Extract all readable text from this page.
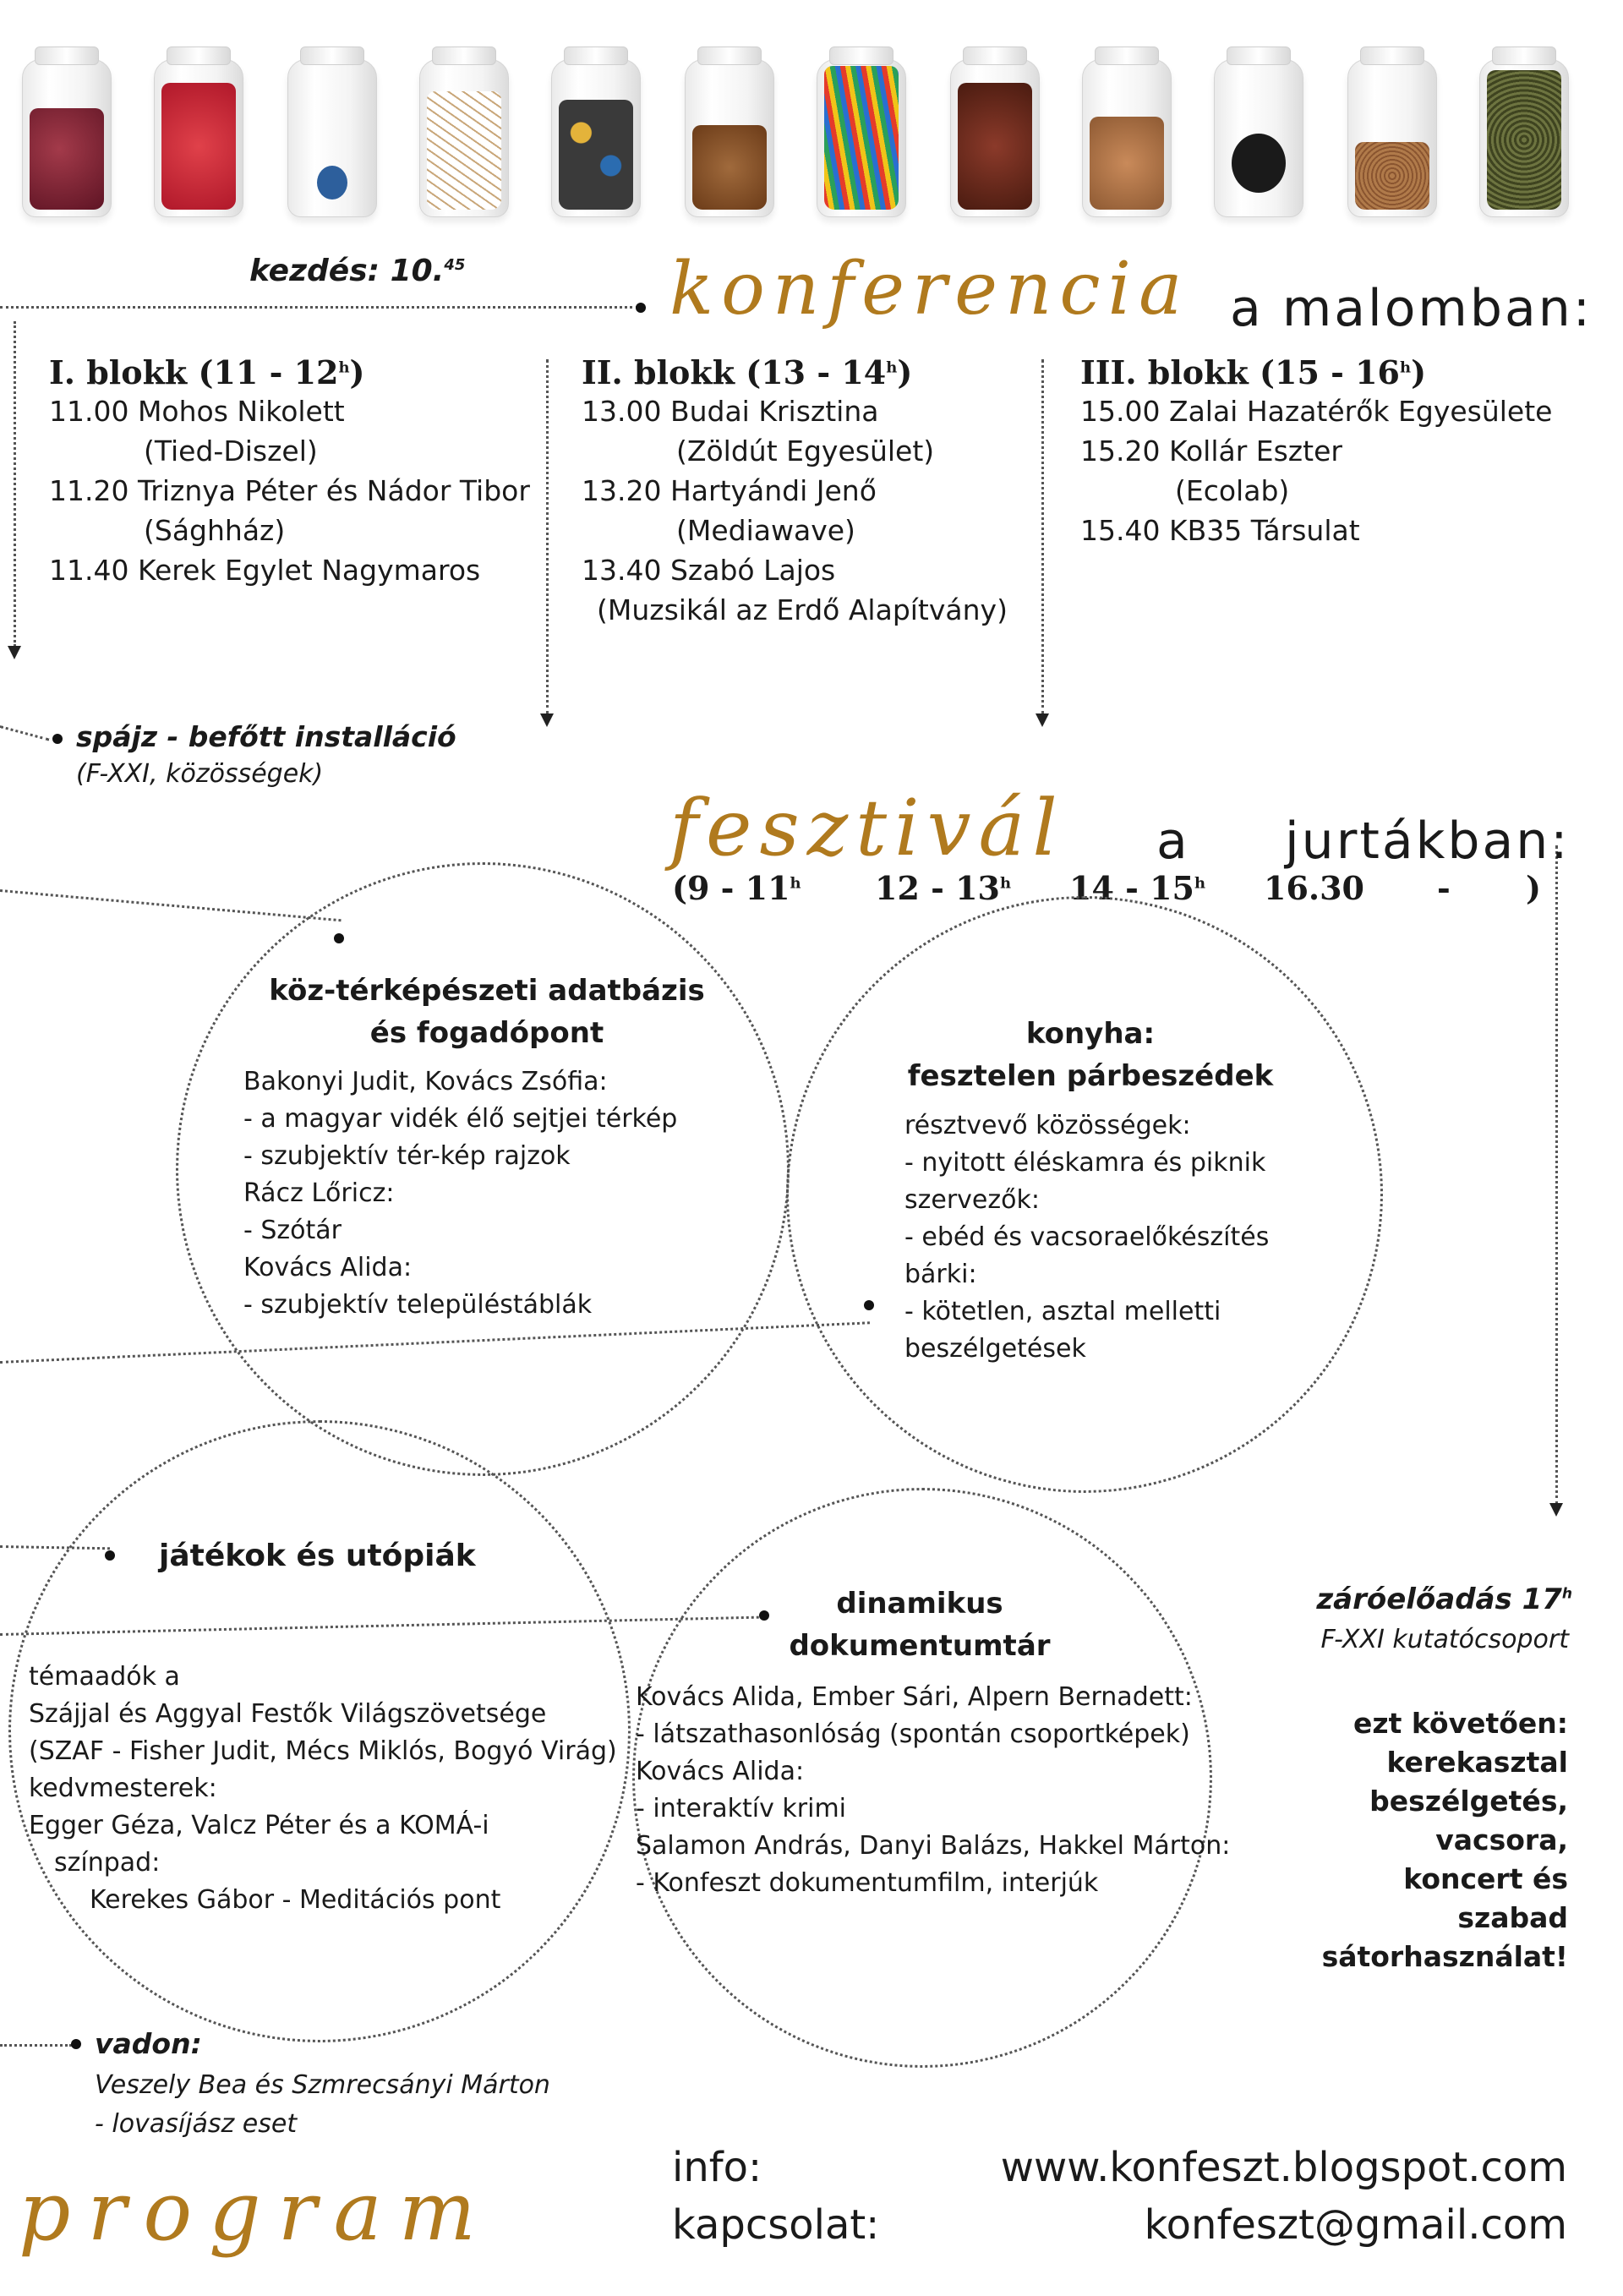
kezdés: 10.45	konferencia a malomban:
I. blokk (11 - 12$^h$)
11.00 Mohos Nikolett
(Tied-Diszel)
11.20 Triznya Péter és Nádor Tibor
(Sághház)
11.40 Kerek Egylet Nagymaros
II. blokk (13 - 14$^h$)
13.00 Budai Krisztina
(Zöldút Egyesület)
13.20 Hartyándi Jenő
(Mediawave)
13.40 Szabó Lajos
(Muzsikál az Erdő Alapítvány)
III. blokk (15 - 16$^h$)
15.00 Zalai Hazatérők Egyesülete
15.20 Kollár Eszter
(Ecolab)
15.40 KB35 Társulat
spájz - befőtt installáció
(F-XXI, közösségek)
fesztivál a jurtákban:
(9 - 11$^h$ 12 - 13$^h$ 14 - 15$^h$ 16.30 - )
köz-térképészeti adatbázis
és fogadópont
Bakonyi Judit, Kovács Zsófia:
- a magyar vidék élő sejtjei térkép
- szubjektív tér-kép rajzok
Rácz Lőricz:
- Szótár
Kovács Alida:
- szubjektív településtáblák
konyha:
fesztelen párbeszédek
résztvevő közösségek:
- nyitott éléskamra és piknik
szervezők:
- ebéd és vacsoraelőkészítés
bárki:
- kötetlen, asztal melletti
beszélgetések
játékok és utópiák
témaadók a
Szájjal és Aggyal Festők Világszövetsége
(SZAF - Fisher Judit, Mécs Miklós, Bogyó Virág)
kedvmesterek:
Egger Géza, Valcz Péter és a KOMÁ-i
színpad:
Kerekes Gábor - Meditációs pont
dinamikus
dokumentumtár
Kovács Alida, Ember Sári, Alpern Bernadett:
- látszathasonlóság (spontán csoportképek)
Kovács Alida:
- interaktív krimi
Salamon András, Danyi Balázs, Hakkel Márton:
- Konfeszt dokumentumfilm, interjúk
záróelőadás 17$^h$
F-XXI kutatócsoport
ezt követően:
kerekasztal
beszélgetés,
vacsora,
koncert és
szabad
sátorhasználat!
vadon:
Veszely Bea és Szmrecsányi Márton
- lovasíjász eset
program	info:	www.konfeszt.blogspot.com
kapcsolat:	konfeszt@gmail.com
